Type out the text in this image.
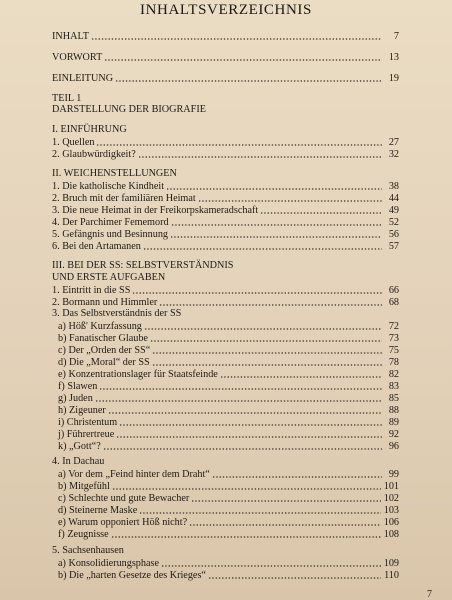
INHALTSVERZEICHNIS
INHALT	7
VORWORT	13
EINLEITUNG	19
TEIL 1
DARSTELLUNG DER BIOGRAFIE
I. EINFÜHRUNG
1. Quellen	27
2. Glaubwürdigkeit?	32
II. WEICHENSTELLUNGEN
1. Die katholische Kindheit	38
2. Bruch mit der familiären Heimat	44
3. Die neue Heimat in der Freikorpskameradschaft	49
4. Der Parchimer Fememord	52
5. Gefängnis und Besinnung	56
6. Bei den Artamanen	57
III. BEI DER SS: SELBSTVERSTÄNDNIS
UND ERSTE AUFGABEN
1. Eintritt in die SS	66
2. Bormann und Himmler	68
3. Das Selbstverständnis der SS
a) Höß' Kurzfassung	72
b) Fanatischer Glaube	73
c) Der „Orden der SS“	75
d) Die „Moral“ der SS	78
e) Konzentrationslager für Staatsfeinde	82
f) Slawen	83
g) Juden	85
h) Zigeuner	88
i) Christentum	89
j) Führertreue	92
k) „Gott“?	96
4. In Dachau
a) Vor dem „Feind hinter dem Draht“	99
b) Mitgefühl	101
c) Schlechte und gute Bewacher	102
d) Steinerne Maske	103
e) Warum opponiert Höß nicht?	106
f) Zeugnisse	108
5. Sachsenhausen
a) Konsolidierungsphase	109
b) Die „harten Gesetze des Krieges“	110
7
